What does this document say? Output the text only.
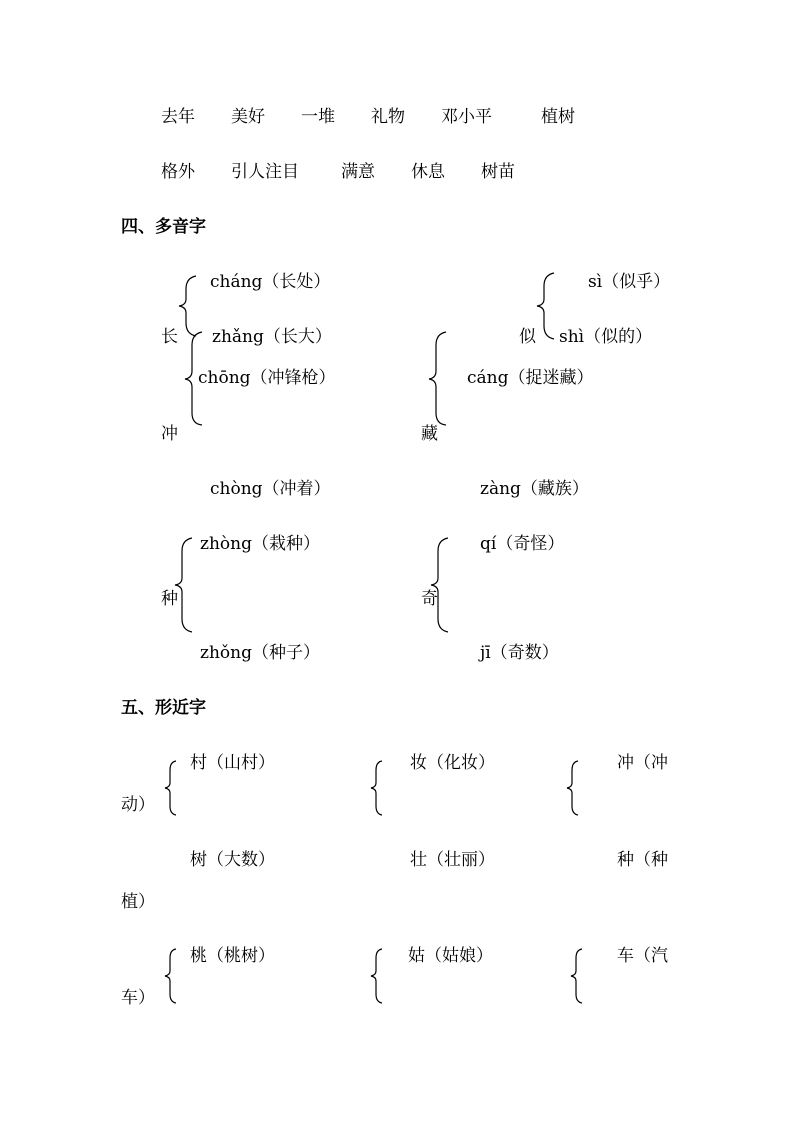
去年 美好 一堆 礼物 邓小平	植树
格外 引人注目 满意 休息 树苗
四、多音字
长
cháng（长处）
zhǎng（长大）
chōng（冲锋枪）
冲
chòng（冲着）
sì（似乎）
似 shì（似的）
cáng（捉迷藏）
藏
zàng（藏族）
zhòng（栽种）
种
zhǒng（种子）
qí（奇怪）
奇
jī（奇数）
五、形近字
村（山村）	妆（化妆）	冲（冲
动）
树（大数）	壮（壮丽）	种（种
植）
桃（桃树）	姑（姑娘）	车（汽
车）
